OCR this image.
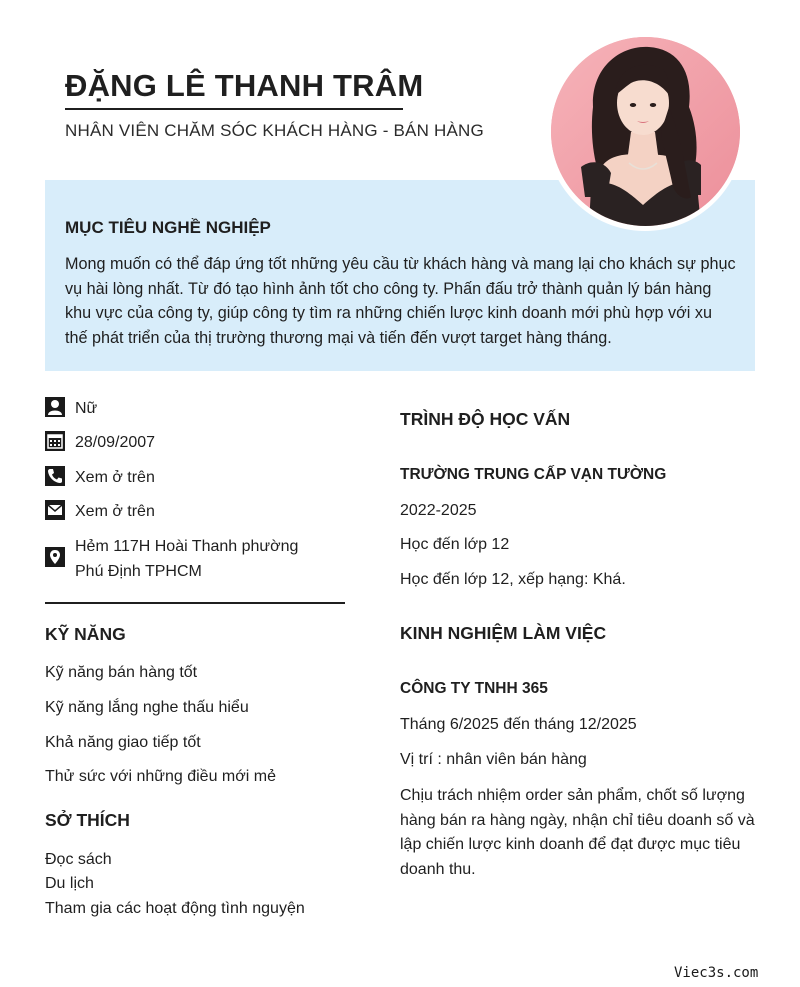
ĐẶNG LÊ THANH TRÂM
NHÂN VIÊN CHĂM SÓC KHÁCH HÀNG - BÁN HÀNG
MỤC TIÊU NGHỀ NGHIỆP

Mong muốn có thể đáp ứng tốt những yêu cầu từ khách hàng và mang lại cho khách sự phục vụ hài lòng nhất. Từ đó tạo hình ảnh tốt cho công ty. Phấn đấu trở thành quản lý bán hàng khu vực của công ty, giúp công ty tìm ra những chiến lược kinh doanh mới phù hợp với xu thế phát triển của thị trường thương mại và tiến đến vượt target hàng tháng.

Nữ
28/09/2007
Xem ở trên
Xem ở trên
Hẻm 117H Hoài Thanh phường
Phú Định TPHCM
KỸ NĂNG
Kỹ năng bán hàng tốt
Kỹ năng lắng nghe thấu hiểu
Khả năng giao tiếp tốt
Thử sức với những điều mới mẻ
SỞ THÍCH
Đọc sách
Du lịch
Tham gia các hoạt động tình nguyện
TRÌNH ĐỘ HỌC VẤN
TRƯỜNG TRUNG CẤP VẠN TƯỜNG
2022-2025
Học đến lớp 12
Học đến lớp 12, xếp hạng: Khá.
KINH NGHIỆM LÀM VIỆC
CÔNG TY TNHH 365
Tháng 6/2025 đến tháng 12/2025
Vị trí : nhân viên bán hàng
Chịu trách nhiệm order sản phẩm, chốt số lượng hàng bán ra hàng ngày, nhận chỉ tiêu doanh số và lập chiến lược kinh doanh để đạt được mục tiêu doanh thu.
Viec3s.com
